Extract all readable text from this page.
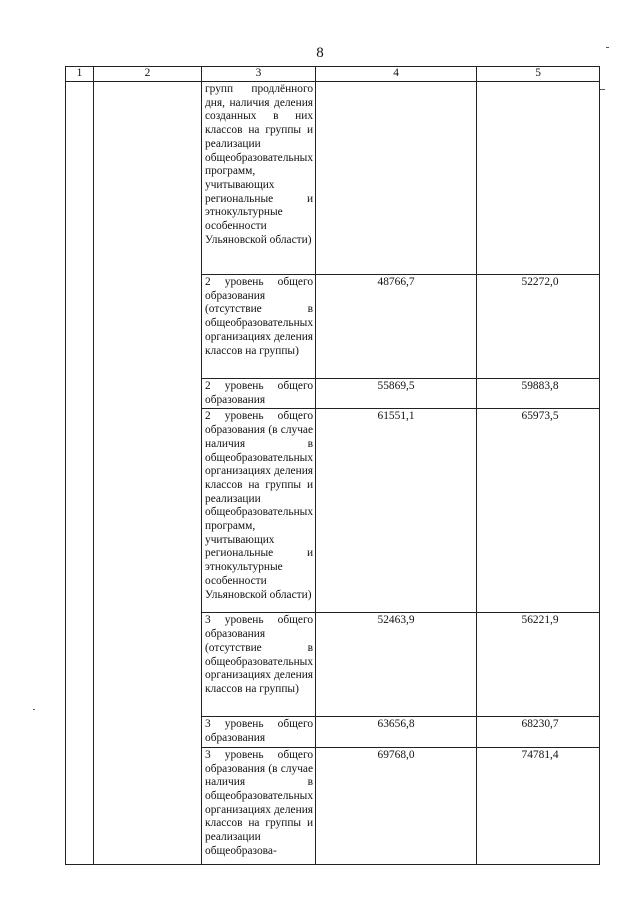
8
1	2	3	4	5
		групп продлённого дня, наличия деления созданных в них классов на группы и реализации общеобразовательных программ, учитывающих региональные и этнокультурные особенности Ульяновской области)		
		2 уровень общего образования (отсутствие в общеобразовательных организациях деления классов на группы)	48766,7	52272,0
		2 уровень общего образования	55869,5	59883,8
		2 уровень общего образования (в случае наличия в общеобразовательных организациях деления классов на группы и реализации общеобразовательных программ, учитывающих региональные и этнокультурные особенности Ульяновской области)	61551,1	65973,5
		3 уровень общего образования (отсутствие в общеобразовательных организациях деления классов на группы)	52463,9	56221,9
		3 уровень общего образования	63656,8	68230,7
		3 уровень общего образования (в случае наличия в общеобразовательных организациях деления классов на группы и реализации общеобразова-	69768,0	74781,4
